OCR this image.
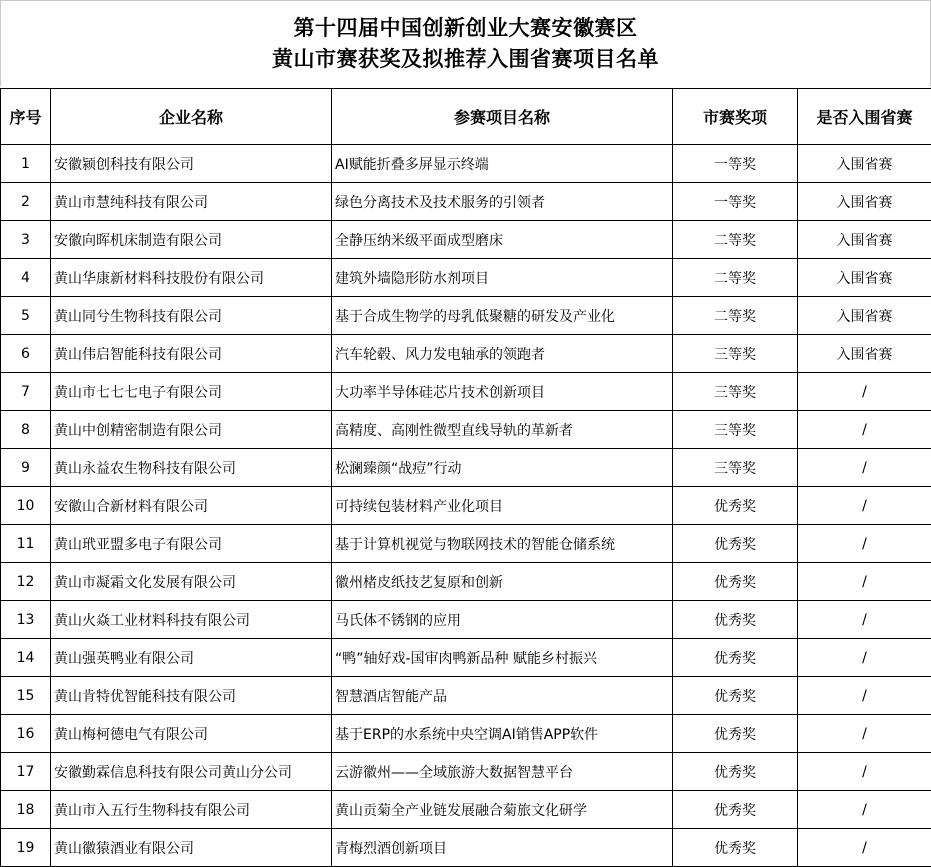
第十四届中国创新创业大赛安徽赛区
黄山市赛获奖及拟推荐入围省赛项目名单
序号	企业名称	参赛项目名称	市赛奖项	是否入围省赛
1	安徽颍创科技有限公司	AI赋能折叠多屏显示终端	一等奖	入围省赛
2	黄山市慧纯科技有限公司	绿色分离技术及技术服务的引领者	一等奖	入围省赛
3	安徽向晖机床制造有限公司	全静压纳米级平面成型磨床	二等奖	入围省赛
4	黄山华康新材料科技股份有限公司	建筑外墙隐形防水剂项目	二等奖	入围省赛
5	黄山同兮生物科技有限公司	基于合成生物学的母乳低聚糖的研发及产业化	二等奖	入围省赛
6	黄山伟启智能科技有限公司	汽车轮毂、风力发电轴承的领跑者	三等奖	入围省赛
7	黄山市七七七电子有限公司	大功率半导体硅芯片技术创新项目	三等奖	/
8	黄山中创精密制造有限公司	高精度、高刚性微型直线导轨的革新者	三等奖	/
9	黄山永益农生物科技有限公司	松澜臻颜“战痘”行动	三等奖	/
10	安徽山合新材料有限公司	可持续包装材料产业化项目	优秀奖	/
11	黄山玳亚盟多电子有限公司	基于计算机视觉与物联网技术的智能仓储系统	优秀奖	/
12	黄山市凝霜文化发展有限公司	徽州楮皮纸技艺复原和创新	优秀奖	/
13	黄山火焱工业材料科技有限公司	马氏体不锈钢的应用	优秀奖	/
14	黄山强英鸭业有限公司	“鸭”轴好戏-国审肉鸭新品种 赋能乡村振兴	优秀奖	/
15	黄山肯特优智能科技有限公司	智慧酒店智能产品	优秀奖	/
16	黄山梅柯德电气有限公司	基于ERP的水系统中央空调AI销售APP软件	优秀奖	/
17	安徽勤霖信息科技有限公司黄山分公司	云游徽州——全域旅游大数据智慧平台	优秀奖	/
18	黄山市入五行生物科技有限公司	黄山贡菊全产业链发展融合菊旅文化研学	优秀奖	/
19	黄山徽猿酒业有限公司	青梅烈酒创新项目	优秀奖	/
